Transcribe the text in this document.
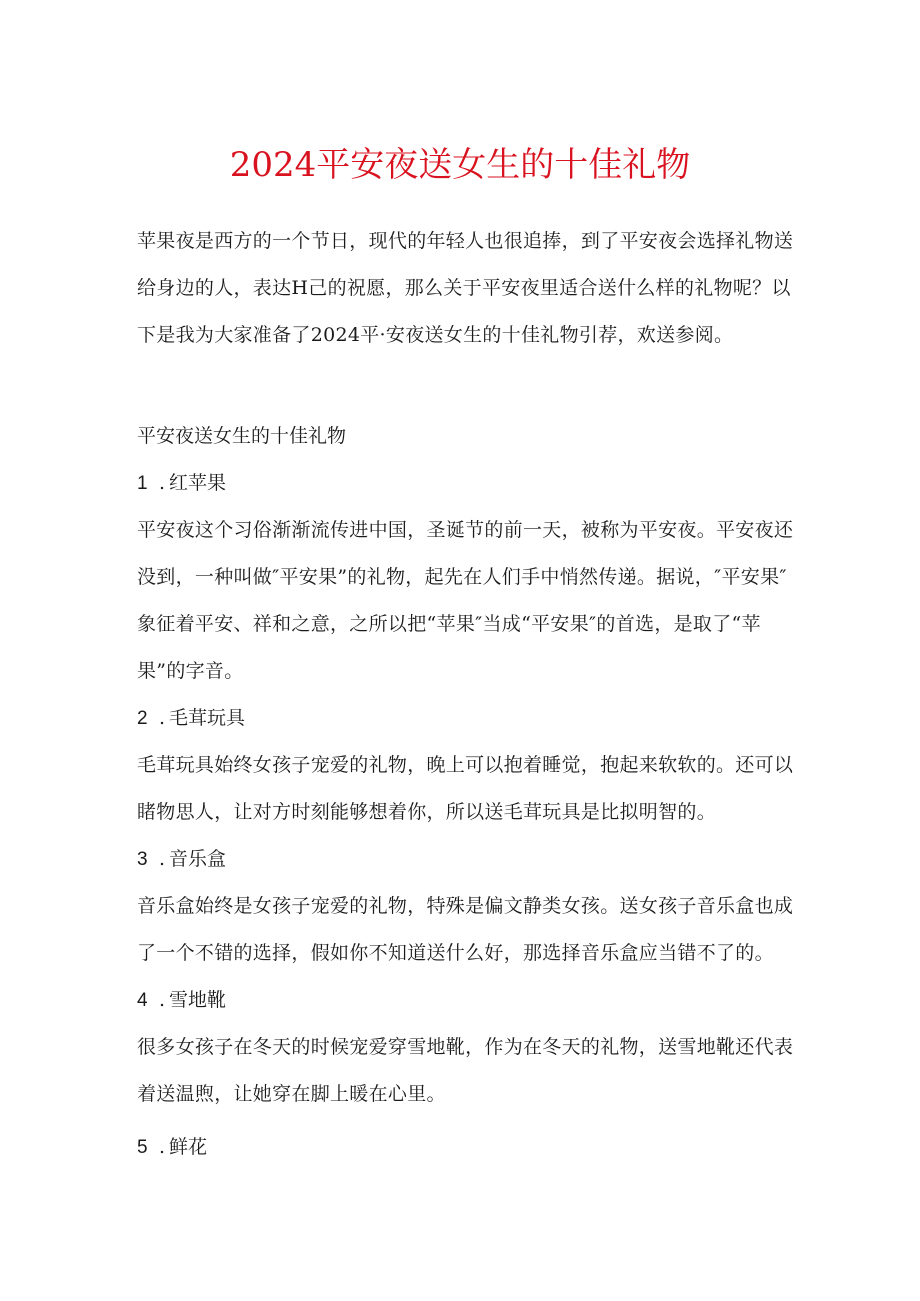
2024平安夜送女生的十佳礼物

苹果夜是西方的一个节日，现代的年轻人也很追捧，到了平安夜会选择礼物送给身边的人，表达H己的祝愿，那么关于平安夜里适合送什么样的礼物呢？以下是我为大家准备了2024平·安夜送女生的十佳礼物引荐，欢送参阅。

平安夜送女生的十佳礼物

1 . 红苹果

平安夜这个习俗渐渐流传进中国，圣诞节的前一天，被称为平安夜。平安夜还没到，一种叫做″平安果”的礼物，起先在人们手中悄然传递。据说，″平安果″象征着平安、祥和之意，之所以把“苹果″当成“平安果″的首选，是取了“苹果”的字音。

2 . 毛茸玩具

毛茸玩具始终女孩子宠爱的礼物，晚上可以抱着睡觉，抱起来软软的。还可以睹物思人，让对方时刻能够想着你，所以送毛茸玩具是比拟明智的。

3 . 音乐盒

音乐盒始终是女孩子宠爱的礼物，特殊是偏文静类女孩。送女孩子音乐盒也成了一个不错的选择，假如你不知道送什么好，那选择音乐盒应当错不了的。

4 . 雪地靴

很多女孩子在冬天的时候宠爱穿雪地靴，作为在冬天的礼物，送雪地靴还代表着送温煦，让她穿在脚上暖在心里。

5 . 鲜花
